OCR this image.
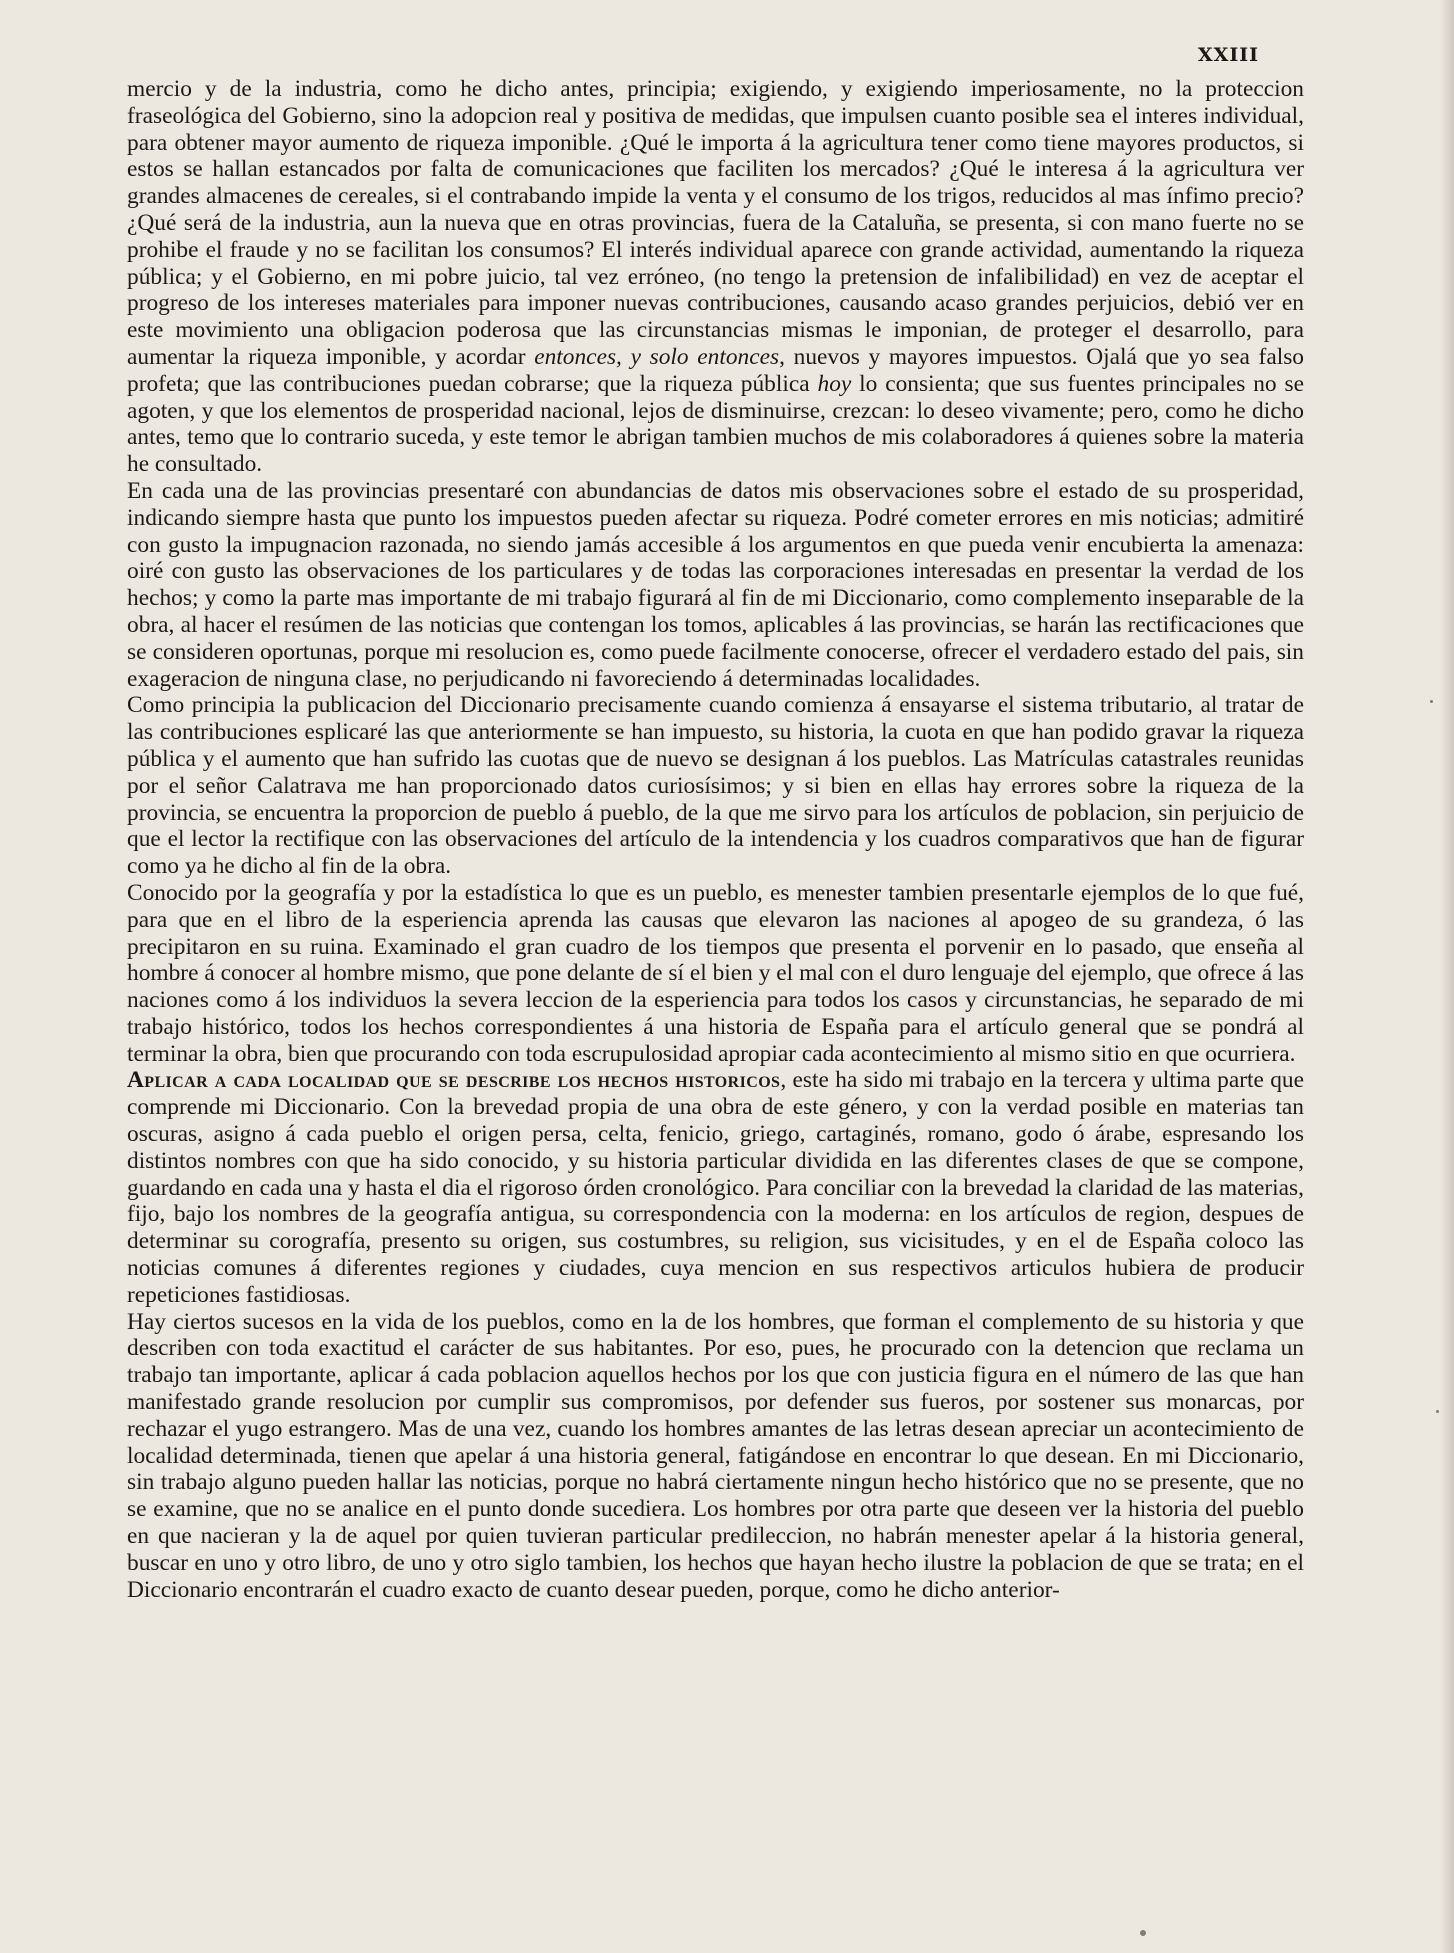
XXIII

mercio y de la industria, como he dicho antes, principia; exigiendo, y exigiendo imperiosamente, no la proteccion fraseológica del Gobierno, sino la adopcion real y positiva de medidas, que impulsen cuanto posible sea el interes individual, para obtener mayor aumento de riqueza imponible. ¿Qué le importa á la agricultura tener como tiene mayores productos, si estos se hallan estancados por falta de comunicaciones que faciliten los mercados? ¿Qué le interesa á la agricultura ver grandes almacenes de cereales, si el contrabando impide la venta y el consumo de los trigos, reducidos al mas ínfimo precio? ¿Qué será de la industria, aun la nueva que en otras provincias, fuera de la Cataluña, se presenta, si con mano fuerte no se prohibe el fraude y no se facilitan los consumos? El interés individual aparece con grande actividad, aumentando la riqueza pública; y el Gobierno, en mi pobre juicio, tal vez erróneo, (no tengo la pretension de infalibilidad) en vez de aceptar el progreso de los intereses materiales para imponer nuevas contribuciones, causando acaso grandes perjuicios, debió ver en este movimiento una obligacion poderosa que las circunstancias mismas le imponian, de proteger el desarrollo, para aumentar la riqueza imponible, y acordar entonces, y solo entonces, nuevos y mayores impuestos. Ojalá que yo sea falso profeta; que las contribuciones puedan cobrarse; que la riqueza pública hoy lo consienta; que sus fuentes principales no se agoten, y que los elementos de prosperidad nacional, lejos de disminuirse, crezcan: lo deseo vivamente; pero, como he dicho antes, temo que lo contrario suceda, y este temor le abrigan tambien muchos de mis colaboradores á quienes sobre la materia he consultado.

En cada una de las provincias presentaré con abundancias de datos mis observaciones sobre el estado de su prosperidad, indicando siempre hasta que punto los impuestos pueden afectar su riqueza. Podré cometer errores en mis noticias; admitiré con gusto la impugnacion razonada, no siendo jamás accesible á los argumentos en que pueda venir encubierta la amenaza: oiré con gusto las observaciones de los particulares y de todas las corporaciones interesadas en presentar la verdad de los hechos; y como la parte mas importante de mi trabajo figurará al fin de mi Diccionario, como complemento inseparable de la obra, al hacer el resúmen de las noticias que contengan los tomos, aplicables á las provincias, se harán las rectificaciones que se consideren oportunas, porque mi resolucion es, como puede facilmente conocerse, ofrecer el verdadero estado del pais, sin exageracion de ninguna clase, no perjudicando ni favoreciendo á determinadas localidades.

Como principia la publicacion del Diccionario precisamente cuando comienza á ensayarse el sistema tributario, al tratar de las contribuciones esplicaré las que anteriormente se han impuesto, su historia, la cuota en que han podido gravar la riqueza pública y el aumento que han sufrido las cuotas que de nuevo se designan á los pueblos. Las Matrículas catastrales reunidas por el señor Calatrava me han proporcionado datos curiosísimos; y si bien en ellas hay errores sobre la riqueza de la provincia, se encuentra la proporcion de pueblo á pueblo, de la que me sirvo para los artículos de poblacion, sin perjuicio de que el lector la rectifique con las observaciones del artículo de la intendencia y los cuadros comparativos que han de figurar como ya he dicho al fin de la obra.

Conocido por la geografía y por la estadística lo que es un pueblo, es menester tambien presentarle ejemplos de lo que fué, para que en el libro de la esperiencia aprenda las causas que elevaron las naciones al apogeo de su grandeza, ó las precipitaron en su ruina. Examinado el gran cuadro de los tiempos que presenta el porvenir en lo pasado, que enseña al hombre á conocer al hombre mismo, que pone delante de sí el bien y el mal con el duro lenguaje del ejemplo, que ofrece á las naciones como á los individuos la severa leccion de la esperiencia para todos los casos y circunstancias, he separado de mi trabajo histórico, todos los hechos correspondientes á una historia de España para el artículo general que se pondrá al terminar la obra, bien que procurando con toda escrupulosidad apropiar cada acontecimiento al mismo sitio en que ocurriera.

Aplicar a cada localidad que se describe los hechos historicos, este ha sido mi trabajo en la tercera y ultima parte que comprende mi Diccionario. Con la brevedad propia de una obra de este género, y con la verdad posible en materias tan oscuras, asigno á cada pueblo el origen persa, celta, fenicio, griego, cartaginés, romano, godo ó árabe, espresando los distintos nombres con que ha sido conocido, y su historia particular dividida en las diferentes clases de que se compone, guardando en cada una y hasta el dia el rigoroso órden cronológico. Para conciliar con la brevedad la claridad de las materias, fijo, bajo los nombres de la geografía antigua, su correspondencia con la moderna: en los artículos de region, despues de determinar su corografía, presento su origen, sus costumbres, su religion, sus vicisitudes, y en el de España coloco las noticias comunes á diferentes regiones y ciudades, cuya mencion en sus respectivos articulos hubiera de producir repeticiones fastidiosas.

Hay ciertos sucesos en la vida de los pueblos, como en la de los hombres, que forman el complemento de su historia y que describen con toda exactitud el carácter de sus habitantes. Por eso, pues, he procurado con la detencion que reclama un trabajo tan importante, aplicar á cada poblacion aquellos hechos por los que con justicia figura en el número de las que han manifestado grande resolucion por cumplir sus compromisos, por defender sus fueros, por sostener sus monarcas, por rechazar el yugo estrangero. Mas de una vez, cuando los hombres amantes de las letras desean apreciar un acontecimiento de localidad determinada, tienen que apelar á una historia general, fatigándose en encontrar lo que desean. En mi Diccionario, sin trabajo alguno pueden hallar las noticias, porque no habrá ciertamente ningun hecho histórico que no se presente, que no se examine, que no se analice en el punto donde sucediera. Los hombres por otra parte que deseen ver la historia del pueblo en que nacieran y la de aquel por quien tuvieran particular predileccion, no habrán menester apelar á la historia general, buscar en uno y otro libro, de uno y otro siglo tambien, los hechos que hayan hecho ilustre la poblacion de que se trata; en el Diccionario encontrarán el cuadro exacto de cuanto desear pueden, porque, como he dicho anterior-
